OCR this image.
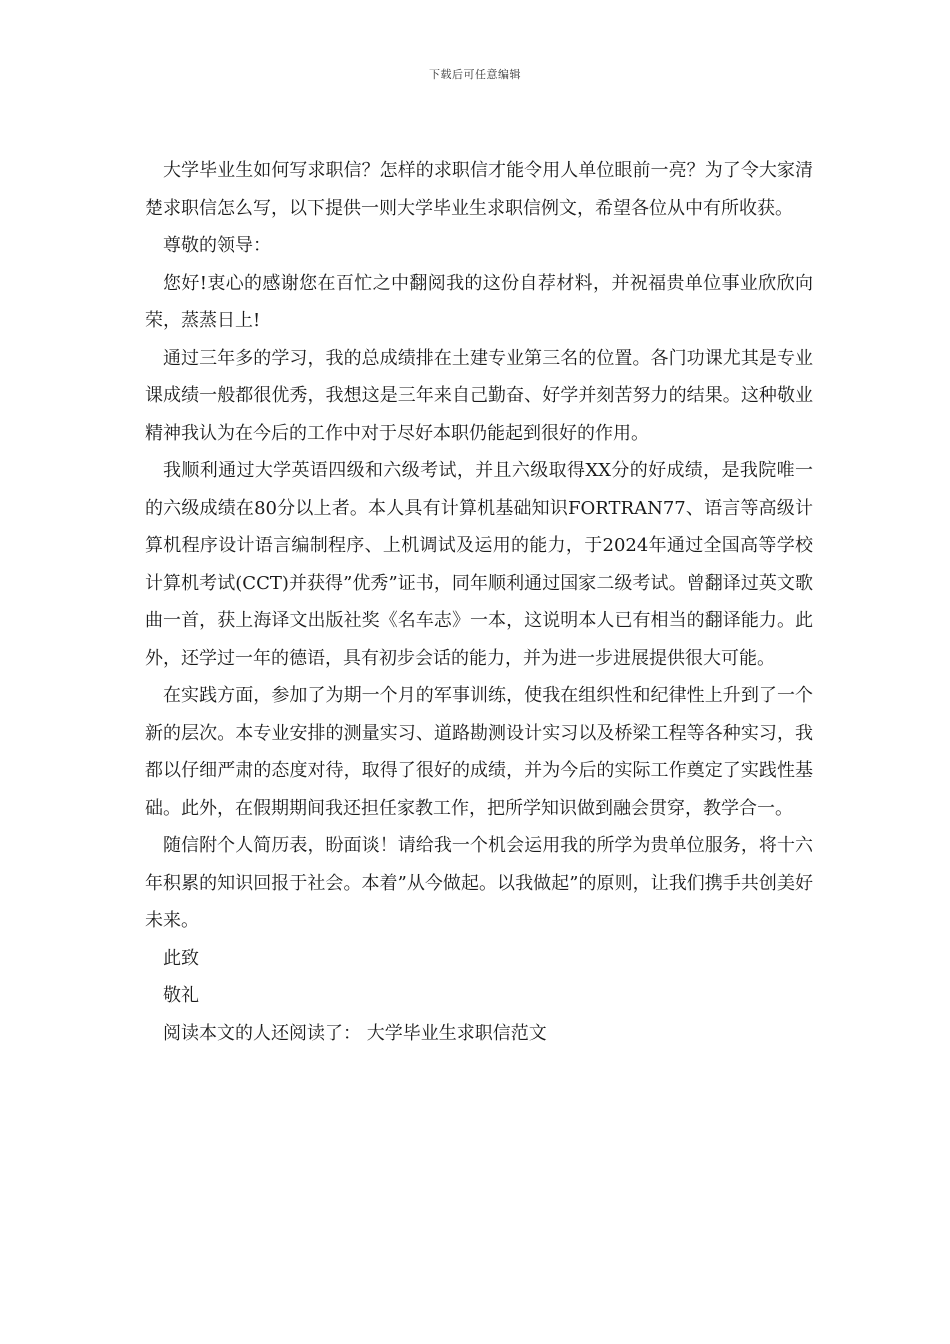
下载后可任意编辑

大学毕业生如何写求职信？怎样的求职信才能令用人单位眼前一亮？为了令大家清楚求职信怎么写，以下提供一则大学毕业生求职信例文，希望各位从中有所收获。

尊敬的领导：

您好!衷心的感谢您在百忙之中翻阅我的这份自荐材料，并祝福贵单位事业欣欣向荣，蒸蒸日上!

通过三年多的学习，我的总成绩排在土建专业第三名的位置。各门功课尤其是专业课成绩一般都很优秀，我想这是三年来自己勤奋、好学并刻苦努力的结果。这种敬业精神我认为在今后的工作中对于尽好本职仍能起到很好的作用。

我顺利通过大学英语四级和六级考试，并且六级取得XX分的好成绩，是我院唯一的六级成绩在80分以上者。本人具有计算机基础知识FORTRAN77、语言等高级计算机程序设计语言编制程序、上机调试及运用的能力，于2024年通过全国高等学校计算机考试(CCT)并获得”优秀”证书，同年顺利通过国家二级考试。曾翻译过英文歌曲一首，获上海译文出版社奖《名车志》一本，这说明本人已有相当的翻译能力。此外，还学过一年的德语，具有初步会话的能力，并为进一步进展提供很大可能。

在实践方面，参加了为期一个月的军事训练，使我在组织性和纪律性上升到了一个新的层次。本专业安排的测量实习、道路勘测设计实习以及桥梁工程等各种实习，我都以仔细严肃的态度对待，取得了很好的成绩，并为今后的实际工作奠定了实践性基础。此外，在假期期间我还担任家教工作，把所学知识做到融会贯穿，教学合一。

随信附个人简历表，盼面谈！请给我一个机会运用我的所学为贵单位服务，将十六年积累的知识回报于社会。本着”从今做起。以我做起”的原则，让我们携手共创美好未来。

此致

敬礼

阅读本文的人还阅读了： 大学毕业生求职信范文
